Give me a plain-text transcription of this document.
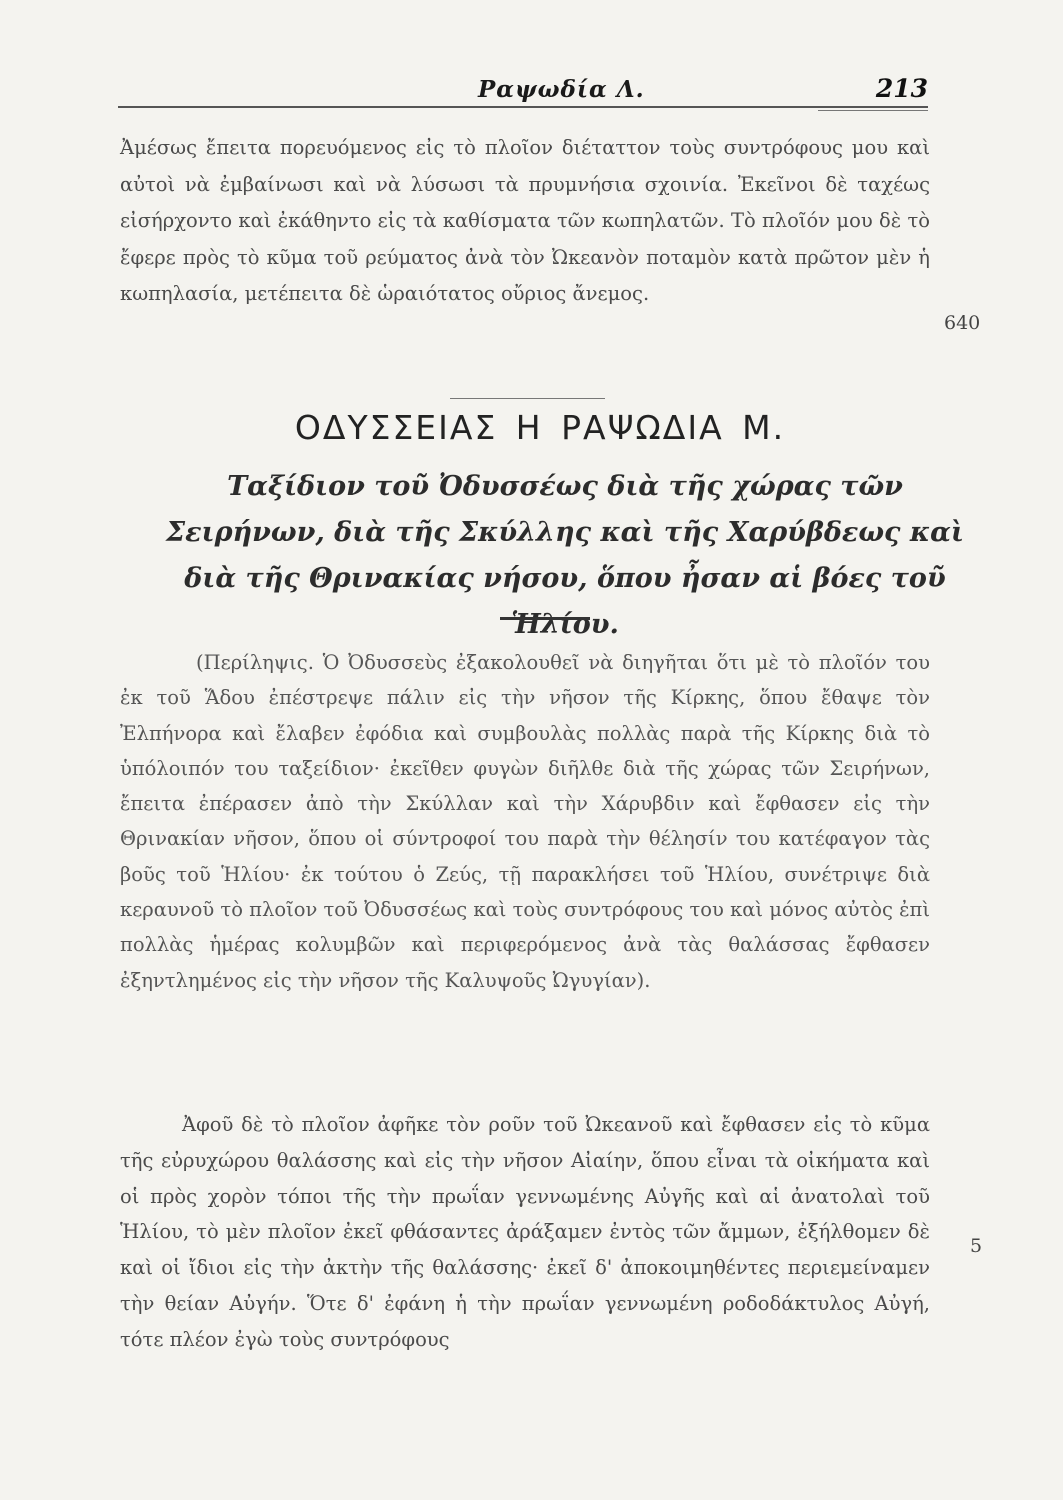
Ραψωδία Λ.	213
Ἀμέσως ἔπειτα πορευόμενος εἰς τὸ πλοῖον διέταττον τοὺς συντρόφους μου καὶ αὐτοὶ νὰ ἐμβαίνωσι καὶ νὰ λύσωσι τὰ πρυμνήσια σχοινία. Ἐκεῖνοι δὲ ταχέως εἰσήρχοντο καὶ ἐκάθηντο εἰς τὰ καθίσματα τῶν κωπηλατῶν. Τὸ πλοῖόν μου δὲ τὸ ἔφερε πρὸς τὸ κῦμα τοῦ ρεύματος ἀνὰ τὸν Ὠκεανὸν ποταμὸν κατὰ πρῶτον μὲν ἡ κωπηλασία, μετέπειτα δὲ ὡραιότατος οὔριος ἄνεμος.
640
ΟΔΥΣΣΕΙΑΣ Η ΡΑΨΩΔΙΑ Μ.
Ταξίδιον τοῦ Ὀδυσσέως διὰ τῆς χώρας τῶν Σειρήνων, διὰ τῆς Σκύλλης καὶ τῆς Χαρύβδεως καὶ διὰ τῆς Θρινακίας νήσου, ὅπου ἦσαν αἱ βόες τοῦ Ἡλίου.
(Περίληψις. Ὁ Ὀδυσσεὺς ἐξακολουθεῖ νὰ διηγῆται ὅτι μὲ τὸ πλοῖόν του ἐκ τοῦ Ἅδου ἐπέστρεψε πάλιν εἰς τὴν νῆσον τῆς Κίρκης, ὅπου ἔθαψε τὸν Ἐλπήνορα καὶ ἔλαβεν ἐφόδια καὶ συμβουλὰς πολλὰς παρὰ τῆς Κίρκης διὰ τὸ ὑπόλοιπόν του ταξείδιον· ἐκεῖθεν φυγὼν διῆλθε διὰ τῆς χώρας τῶν Σειρήνων, ἔπειτα ἐπέρασεν ἀπὸ τὴν Σκύλλαν καὶ τὴν Χάρυβδιν καὶ ἔφθασεν εἰς τὴν Θρινακίαν νῆσον, ὅπου οἱ σύντροφοί του παρὰ τὴν θέλησίν του κατέφαγον τὰς βοῦς τοῦ Ἡλίου· ἐκ τούτου ὁ Ζεύς, τῇ παρακλήσει τοῦ Ἡλίου, συνέτριψε διὰ κεραυνοῦ τὸ πλοῖον τοῦ Ὀδυσσέως καὶ τοὺς συντρόφους του καὶ μόνος αὐτὸς ἐπὶ πολλὰς ἡμέρας κολυμβῶν καὶ περιφερόμενος ἀνὰ τὰς θαλάσσας ἔφθασεν ἐξηντλημένος εἰς τὴν νῆσον τῆς Καλυψοῦς Ὠγυγίαν).
Ἀφοῦ δὲ τὸ πλοῖον ἀφῆκε τὸν ροῦν τοῦ Ὠκεανοῦ καὶ ἔφθασεν εἰς τὸ κῦμα τῆς εὐρυχώρου θαλάσσης καὶ εἰς τὴν νῆσον Αἰαίην, ὅπου εἶναι τὰ οἰκήματα καὶ οἱ πρὸς χορὸν τόποι τῆς τὴν πρωΐαν γεννωμένης Αὐγῆς καὶ αἱ ἀνατολαὶ τοῦ Ἡλίου, τὸ μὲν πλοῖον ἐκεῖ φθάσαντες ἀράξαμεν ἐντὸς τῶν ἄμμων, ἐξήλθομεν δὲ καὶ οἱ ἴδιοι εἰς τὴν ἀκτὴν τῆς θαλάσσης· ἐκεῖ δ' ἀποκοιμηθέντες περιεμείναμεν τὴν θείαν Αὐγήν. Ὅτε δ' ἐφάνη ἡ τὴν πρωΐαν γεννωμένη ροδοδάκτυλος Αὐγή, τότε πλέον ἐγὼ τοὺς συντρόφους
5
